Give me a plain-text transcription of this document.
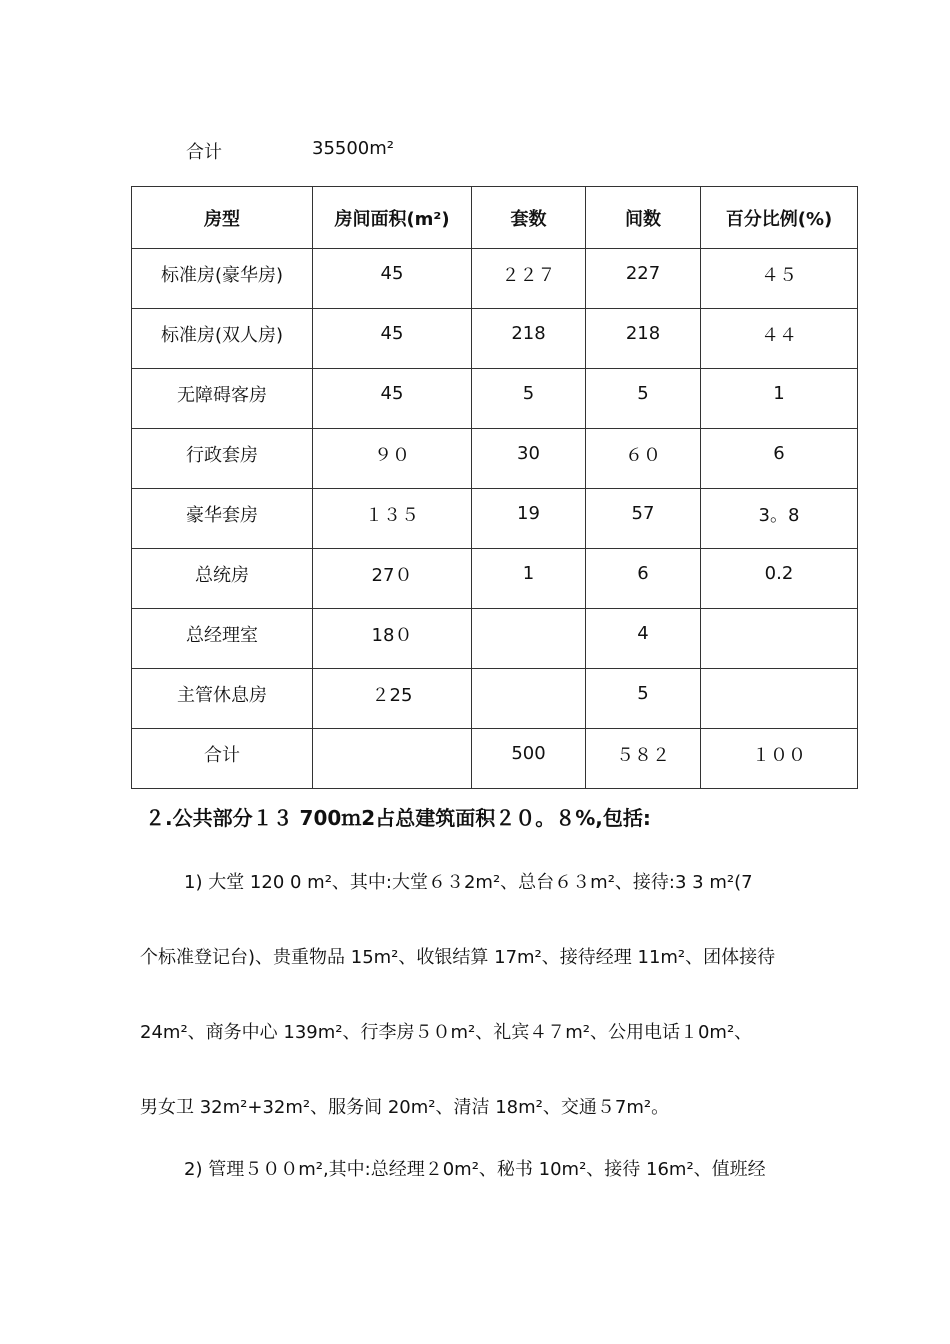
合计	35500m²
房型	房间面积(m²)	套数	间数	百分比例(%)
标准房(豪华房)	45	２２７	227	４５
标准房(双人房)	45	218	218	４４
无障碍客房	45	5	5	1
行政套房	９０	30	６０	6
豪华套房	１３５	19	57	3。8
总统房	27０	1	6	0.2
总经理室	18０		4	
主管休息房	２25		5	
合计		500	５８２	１００
２.公共部分１３ 700ｍ2占总建筑面积２０。８%,包括:
1) 大堂 120 0 m²、其中:大堂６３2m²、总台６３m²、接待:3 3 m²(7
个标准登记台)、贵重物品 15m²、收银结算 17m²、接待经理 11m²、团体接待
24m²、商务中心 139m²、行李房５０m²、礼宾４７m²、公用电话１0m²、
男女卫 32m²+32m²、服务间 20m²、清洁 18m²、交通５7m²。
2) 管理５００m²,其中:总经理２0m²、秘书 10m²、接待 16m²、值班经
